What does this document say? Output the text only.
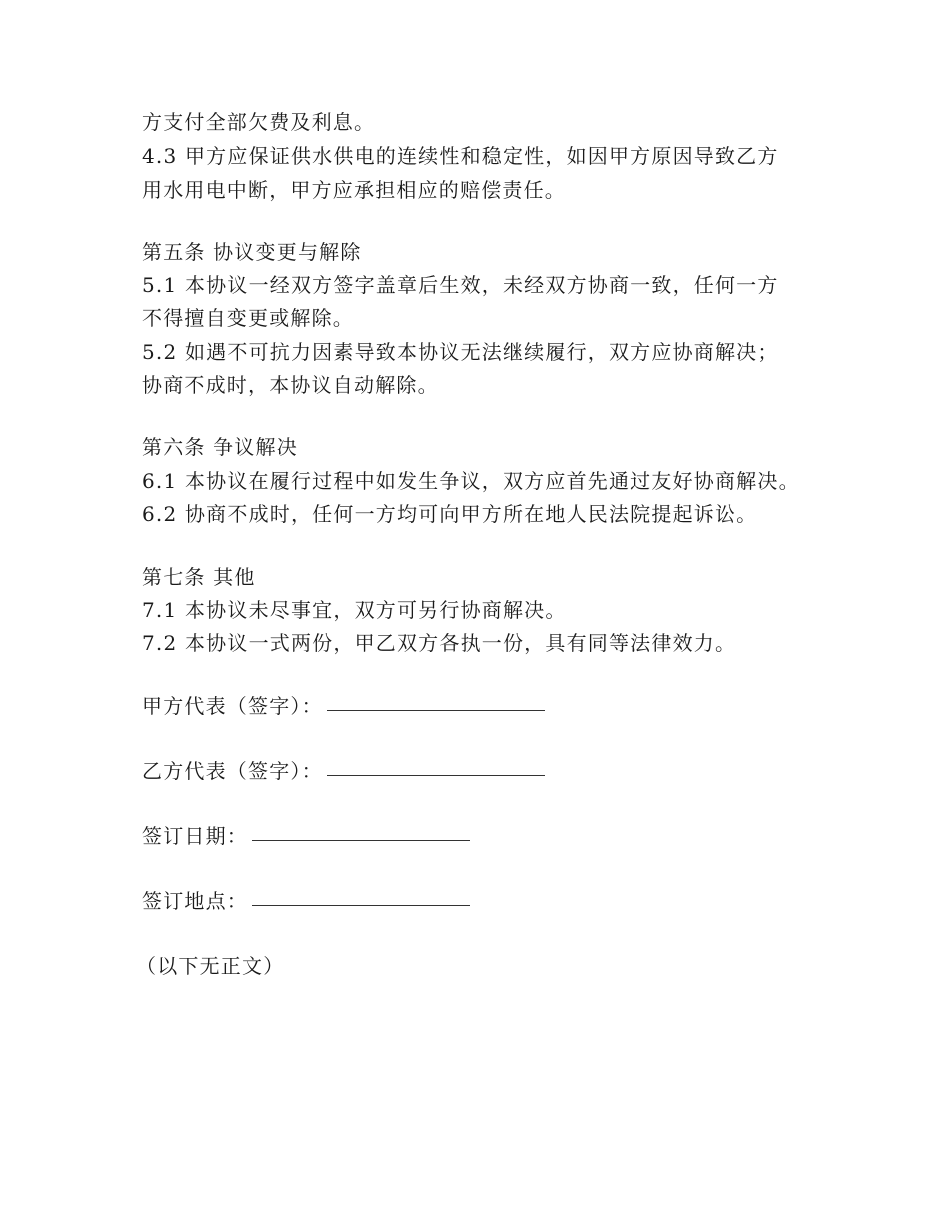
方支付全部欠费及利息。

4.3 甲方应保证供水供电的连续性和稳定性，如因甲方原因导致乙方

用水用电中断，甲方应承担相应的赔偿责任。

第五条 协议变更与解除

5.1 本协议一经双方签字盖章后生效，未经双方协商一致，任何一方

不得擅自变更或解除。

5.2 如遇不可抗力因素导致本协议无法继续履行，双方应协商解决；

协商不成时，本协议自动解除。

第六条 争议解决

6.1 本协议在履行过程中如发生争议，双方应首先通过友好协商解决。

6.2 协商不成时，任何一方均可向甲方所在地人民法院提起诉讼。

第七条 其他

7.1 本协议未尽事宜，双方可另行协商解决。

7.2 本协议一式两份，甲乙双方各执一份，具有同等法律效力。

甲方代表（签字）：

乙方代表（签字）：

签订日期：

签订地点：

（以下无正文）
